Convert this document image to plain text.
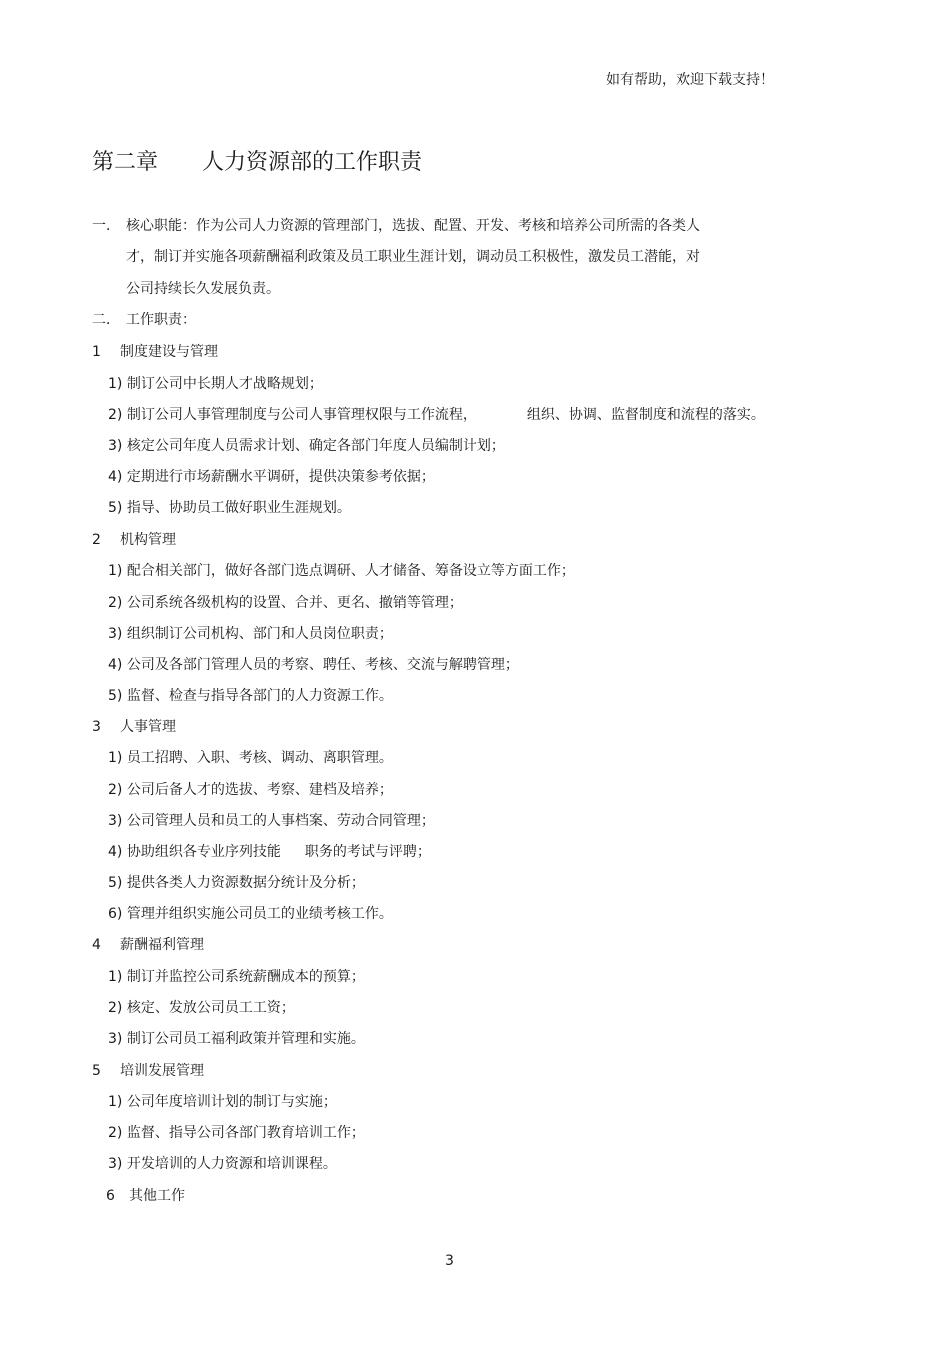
如有帮助，欢迎下载支持！
第二章 人力资源部的工作职责
一． 核心职能：作为公司人力资源的管理部门，选拔、配置、开发、考核和培养公司所需的各类人
才，制订并实施各项薪酬福利政策及员工职业生涯计划，调动员工积极性，激发员工潜能，对
公司持续长久发展负责。
二． 工作职责：
1 制度建设与管理
1) 制订公司中长期人才战略规划；
2) 制订公司人事管理制度与公司人事管理权限与工作流程，	组织、协调、监督制度和流程的落实。
3) 核定公司年度人员需求计划、确定各部门年度人员编制计划；
4) 定期进行市场薪酬水平调研，提供决策参考依据；
5) 指导、协助员工做好职业生涯规划。
2 机构管理
1) 配合相关部门，做好各部门选点调研、人才储备、筹备设立等方面工作；
2) 公司系统各级机构的设置、合并、更名、撤销等管理；
3) 组织制订公司机构、部门和人员岗位职责；
4) 公司及各部门管理人员的考察、聘任、考核、交流与解聘管理；
5) 监督、检查与指导各部门的人力资源工作。
3 人事管理
1) 员工招聘、入职、考核、调动、离职管理。
2) 公司后备人才的选拔、考察、建档及培养；
3) 公司管理人员和员工的人事档案、劳动合同管理；
4) 协助组织各专业序列技能 职务的考试与评聘；
5) 提供各类人力资源数据分统计及分析；
6) 管理并组织实施公司员工的业绩考核工作。
4 薪酬福利管理
1) 制订并监控公司系统薪酬成本的预算；
2) 核定、发放公司员工工资；
3) 制订公司员工福利政策并管理和实施。
5 培训发展管理
1) 公司年度培训计划的制订与实施；
2) 监督、指导公司各部门教育培训工作；
3) 开发培训的人力资源和培训课程。
6 其他工作
3
